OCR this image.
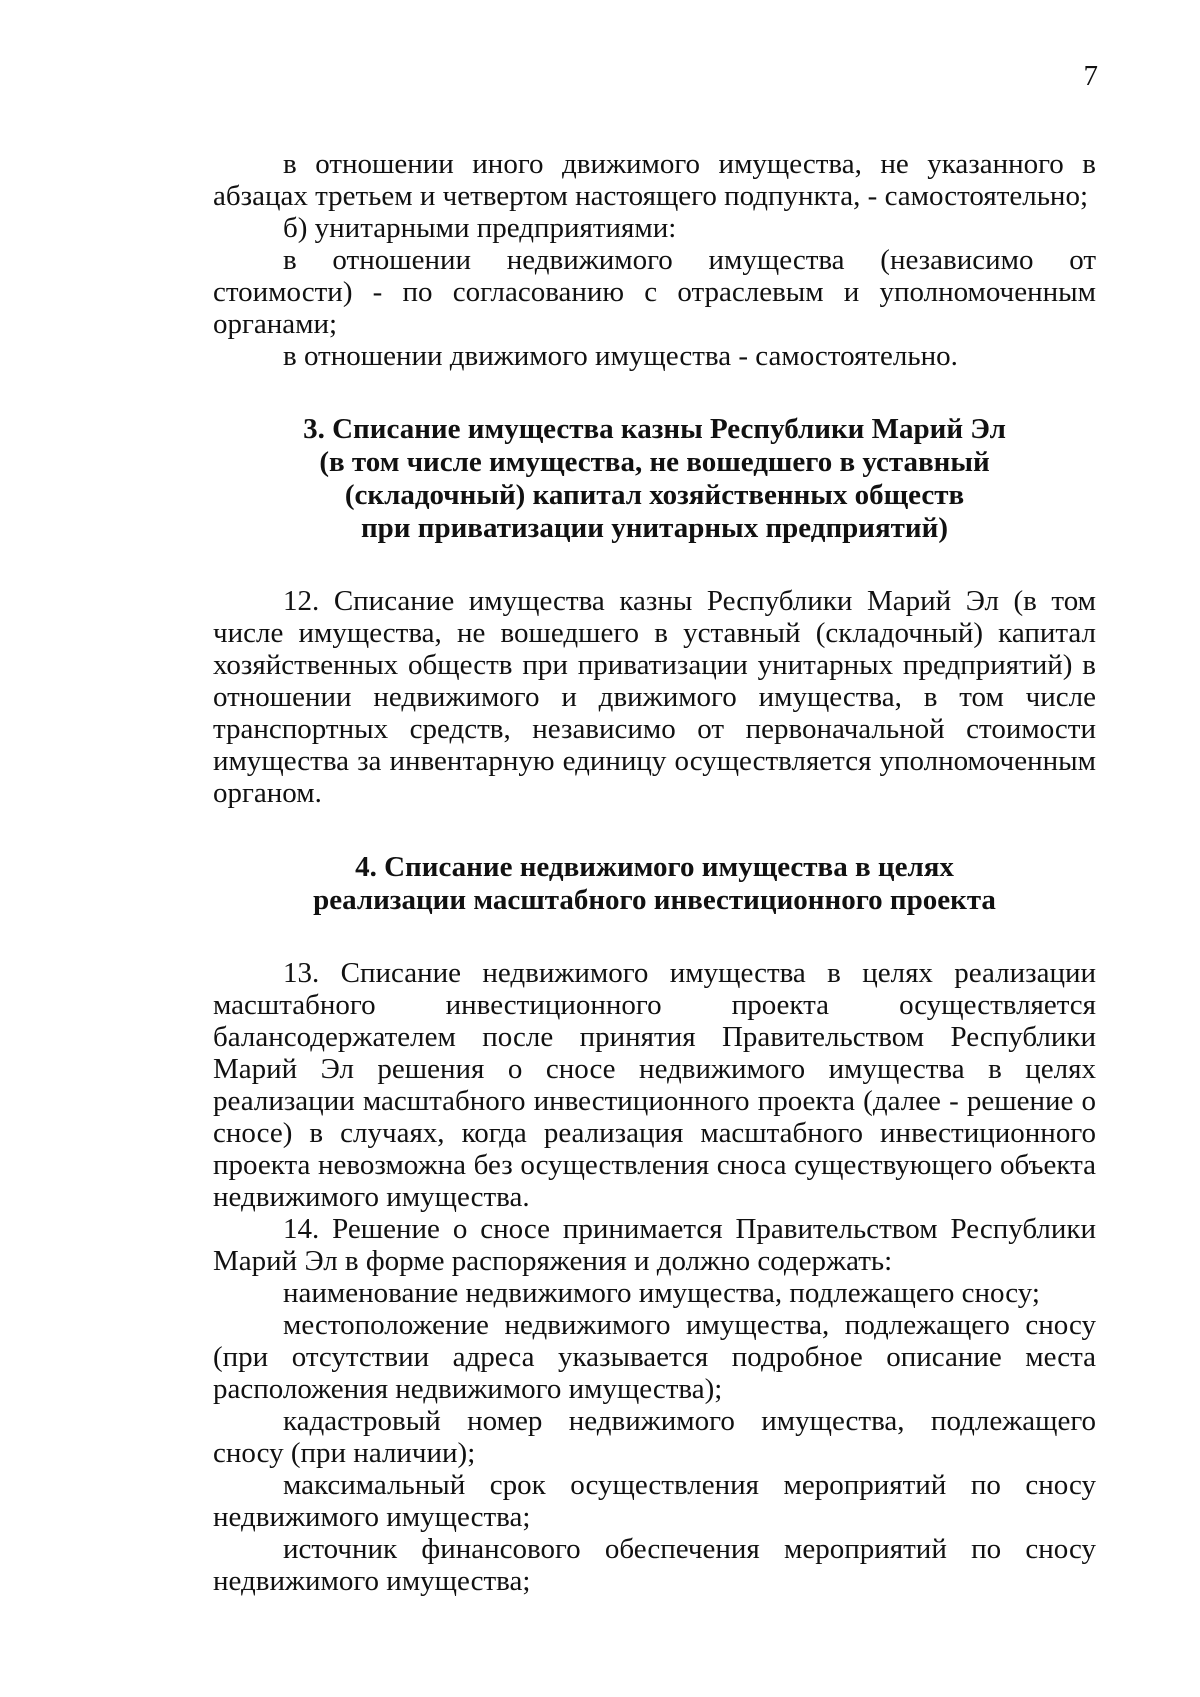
7

в отношении иного движимого имущества, не указанного в абзацах третьем и четвертом настоящего подпункта, - самостоятельно;

б) унитарными предприятиями:

в отношении недвижимого имущества (независимо от стоимости) - по согласованию с отраслевым и уполномоченным органами;

в отношении движимого имущества - самостоятельно.

3. Списание имущества казны Республики Марий Эл
(в том числе имущества, не вошедшего в уставный
(складочный) капитал хозяйственных обществ
при приватизации унитарных предприятий)

12. Списание имущества казны Республики Марий Эл (в том числе имущества, не вошедшего в уставный (складочный) капитал хозяйственных обществ при приватизации унитарных предприятий) в отношении недвижимого и движимого имущества, в том числе транспортных средств, независимо от первоначальной стоимости имущества за инвентарную единицу осуществляется уполномоченным органом.

4. Списание недвижимого имущества в целях
реализации масштабного инвестиционного проекта

13. Списание недвижимого имущества в целях реализации масштабного инвестиционного проекта осуществляется балансодержателем после принятия Правительством Республики Марий Эл решения о сносе недвижимого имущества в целях реализации масштабного инвестиционного проекта (далее - решение о сносе) в случаях, когда реализация масштабного инвестиционного проекта невозможна без осуществления сноса существующего объекта недвижимого имущества.

14. Решение о сносе принимается Правительством Республики Марий Эл в форме распоряжения и должно содержать:

наименование недвижимого имущества, подлежащего сносу;

местоположение недвижимого имущества, подлежащего сносу (при отсутствии адреса указывается подробное описание места расположения недвижимого имущества);

кадастровый номер недвижимого имущества, подлежащего сносу (при наличии);

максимальный срок осуществления мероприятий по сносу недвижимого имущества;

источник финансового обеспечения мероприятий по сносу недвижимого имущества;
